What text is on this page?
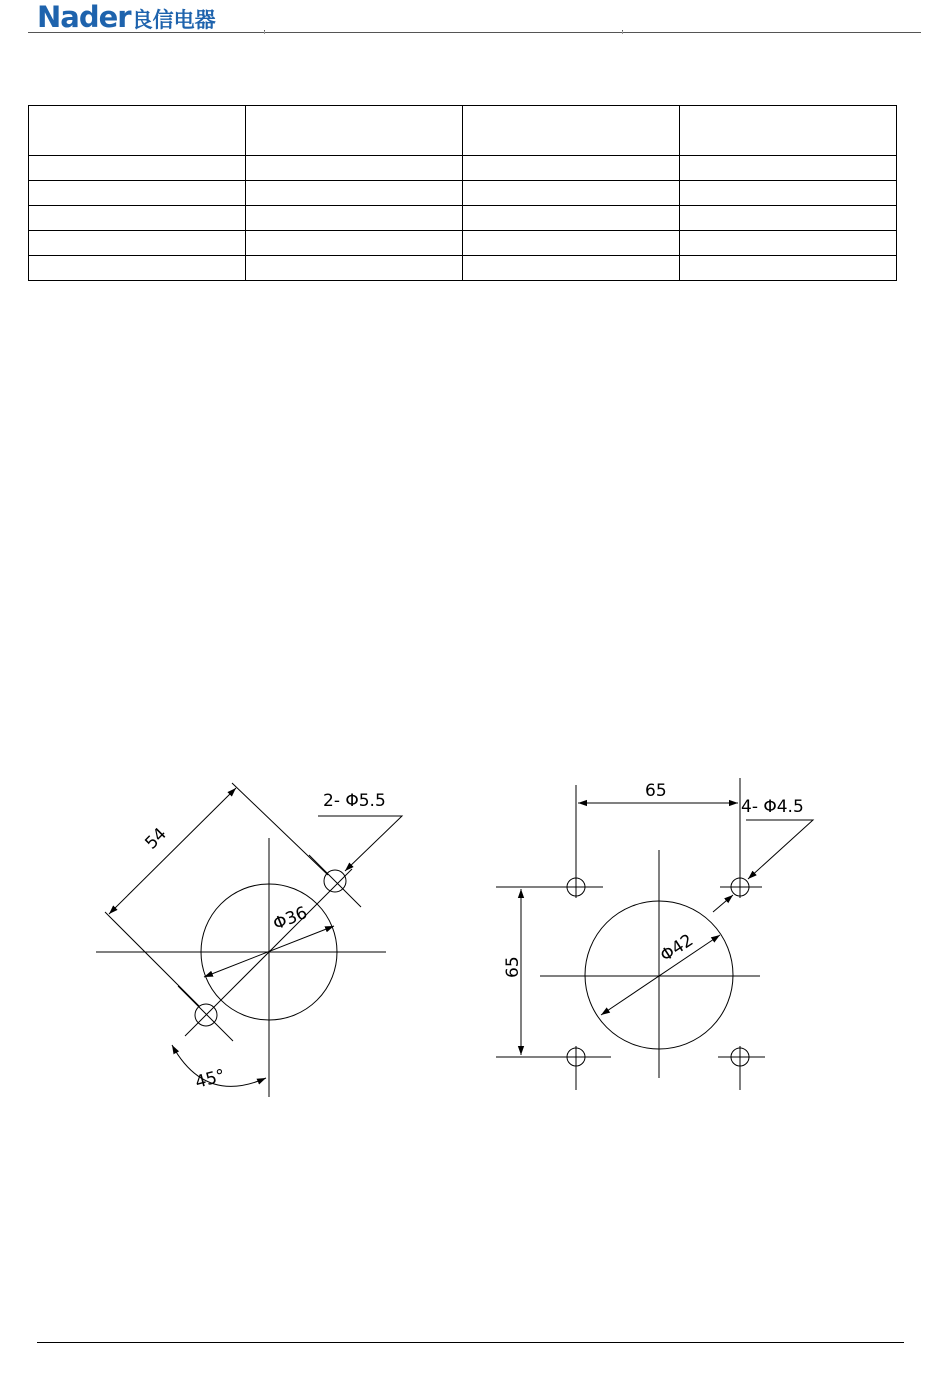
Nader良信电器

54
2- Φ5.5
Φ36
45°
65
65
4- Φ4.5
Φ42
